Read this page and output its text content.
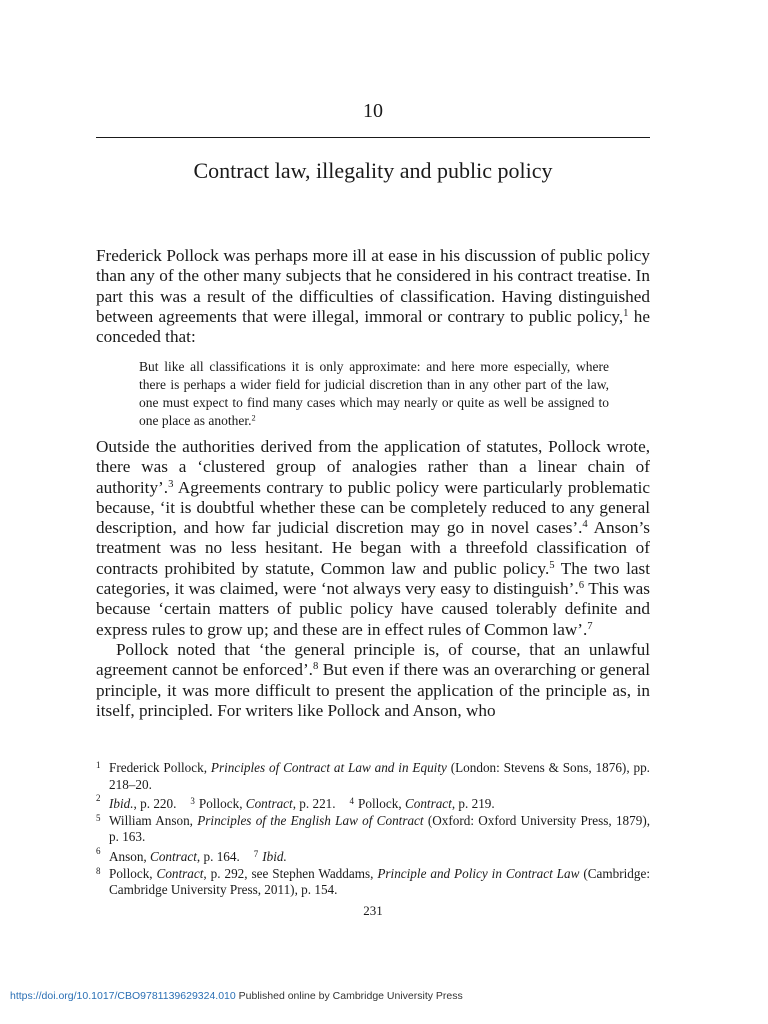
10
Contract law, illegality and public policy
Frederick Pollock was perhaps more ill at ease in his discussion of public policy than any of the other many subjects that he considered in his contract treatise. In part this was a result of the difficulties of classification. Having distinguished between agreements that were illegal, immoral or contrary to public policy,$^1$ he conceded that:
But like all classifications it is only approximate: and here more especially, where there is perhaps a wider field for judicial discretion than in any other part of the law, one must expect to find many cases which may nearly or quite as well be assigned to one place as another.$^2$

Outside the authorities derived from the application of statutes, Pollock wrote, there was a ‘clustered group of analogies rather than a linear chain of authority’.$^3$ Agreements contrary to public policy were particularly problematic because, ‘it is doubtful whether these can be completely reduced to any general description, and how far judicial discretion may go in novel cases’.$^4$ Anson’s treatment was no less hesitant. He began with a threefold classification of contracts prohibited by statute, Common law and public policy.$^5$ The two last categories, it was claimed, were ‘not always very easy to distinguish’.$^6$ This was because ‘certain matters of public policy have caused tolerably definite and express rules to grow up; and these are in effect rules of Common law’.$^7$

Pollock noted that ‘the general principle is, of course, that an unlawful agreement cannot be enforced’.$^8$ But even if there was an overarching or general principle, it was more difficult to present the application of the principle as, in itself, principled. For writers like Pollock and Anson, who

1 Frederick Pollock, Principles of Contract at Law and in Equity (London: Stevens & Sons, 1876), pp. 218–20.
2 Ibid., p. 220. $^3$ Pollock, Contract, p. 221. $^4$ Pollock, Contract, p. 219.
5 William Anson, Principles of the English Law of Contract (Oxford: Oxford University Press, 1879), p. 163.
6 Anson, Contract, p. 164. $^7$ Ibid.
8 Pollock, Contract, p. 292, see Stephen Waddams, Principle and Policy in Contract Law (Cambridge: Cambridge University Press, 2011), p. 154.
231
https://doi.org/10.1017/CBO9781139629324.010 Published online by Cambridge University Press
